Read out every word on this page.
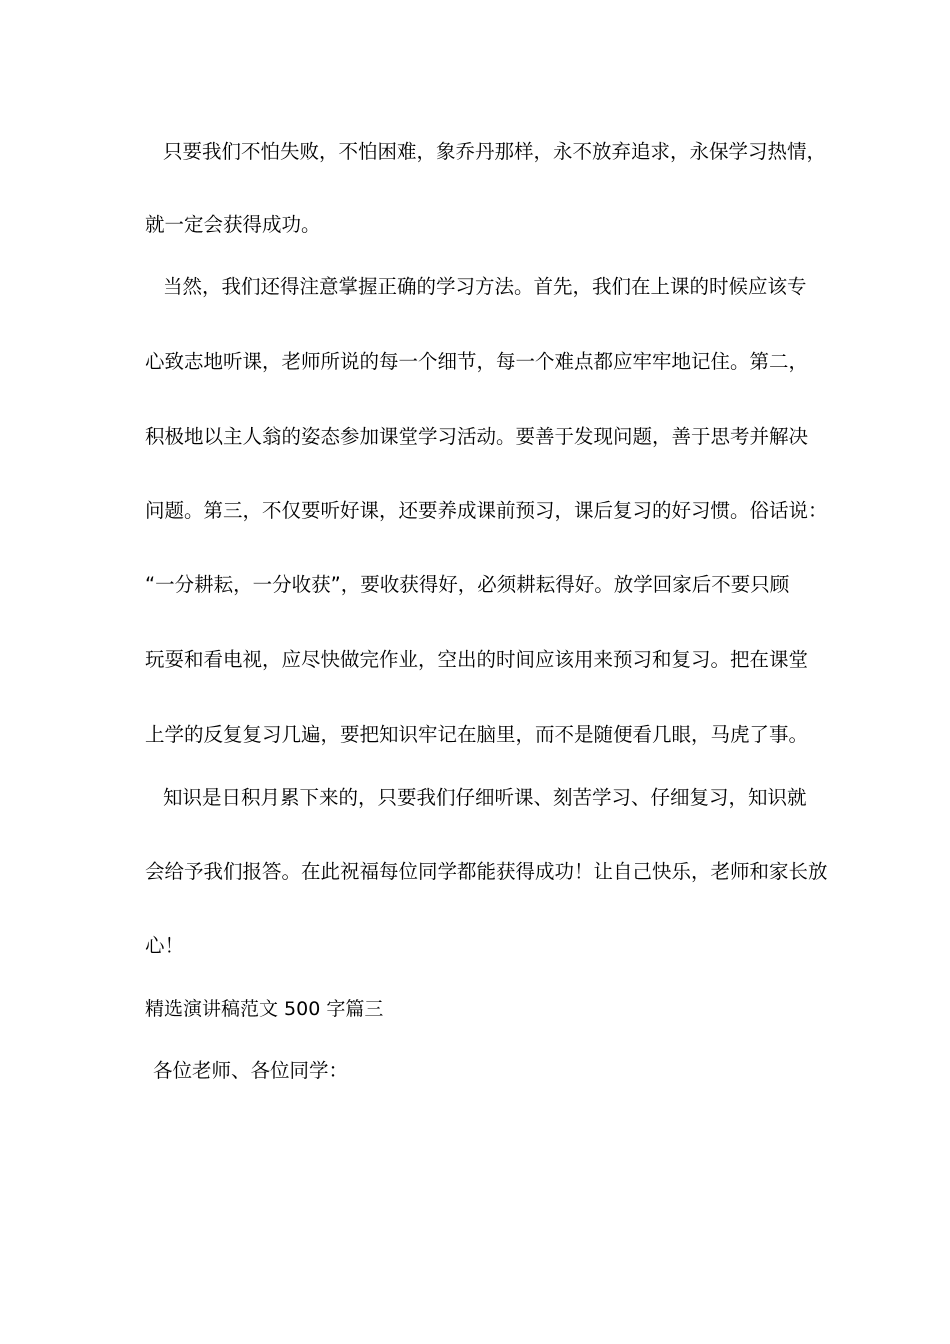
只要我们不怕失败，不怕困难，象乔丹那样，永不放弃追求，永保学习热情，
就一定会获得成功。
当然，我们还得注意掌握正确的学习方法。首先，我们在上课的时候应该专
心致志地听课，老师所说的每一个细节，每一个难点都应牢牢地记住。第二，
积极地以主人翁的姿态参加课堂学习活动。要善于发现问题，善于思考并解决
问题。第三，不仅要听好课，还要养成课前预习，课后复习的好习惯。俗话说：
“一分耕耘，一分收获”，要收获得好，必须耕耘得好。放学回家后不要只顾
玩耍和看电视，应尽快做完作业，空出的时间应该用来预习和复习。把在课堂
上学的反复复习几遍，要把知识牢记在脑里，而不是随便看几眼，马虎了事。
知识是日积月累下来的，只要我们仔细听课、刻苦学习、仔细复习，知识就
会给予我们报答。在此祝福每位同学都能获得成功！让自己快乐，老师和家长放
心！
精选演讲稿范文 500 字篇三
各位老师、各位同学：
